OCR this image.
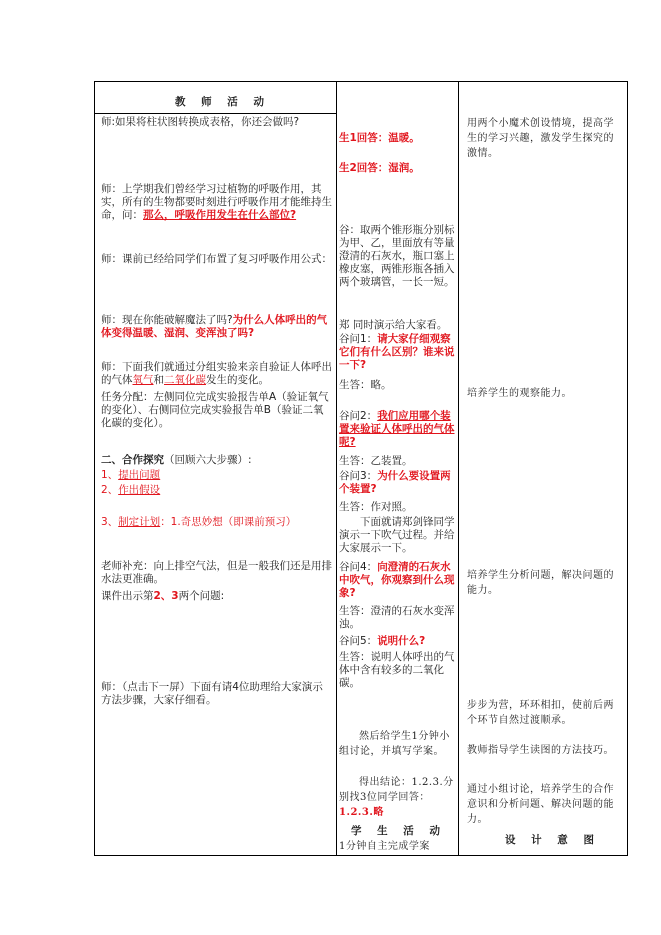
教 师 活 动

师:如果将柱状图转换成表格，你还会做吗?

师：上学期我们曾经学习过植物的呼吸作用，其实，所有的生物都要时刻进行呼吸作用才能维持生命，问：那么，呼吸作用发生在什么部位?

师：课前已经给同学们布置了复习呼吸作用公式：

师：现在你能破解魔法了吗?为什么人体呼出的气体变得温暖、湿润、变浑浊了吗?

师：下面我们就通过分组实验来亲自验证人体呼出的气体氧气和二氧化碳发生的变化。

任务分配：左侧同位完成实验报告单A（验证氧气的变化）、右侧同位完成实验报告单B（验证二氧化碳的变化）。

二、合作探究（回顾六大步骤）:

1、提出问题

2、作出假设

3、制定计划：1.奇思妙想（即课前预习）

老师补充：向上排空气法，但是一般我们还是用排水法更准确。

课件出示第2、3两个问题:

师：（点击下一屏）下面有请4位助理给大家演示方法步骤，大家仔细看。

生1回答：温暖。

生2回答：湿润。

谷：取两个锥形瓶分别标为甲、乙，里面放有等量澄清的石灰水，瓶口塞上橡皮塞，两锥形瓶各插入两个玻璃管，一长一短。

郑 同时演示给大家看。

谷问1：请大家仔细观察它们有什么区别？谁来说一下?

生答：略。

谷问2：我们应用哪个装置来验证人体呼出的气体呢?

生答：乙装置。

谷问3：为什么要设置两个装置?

生答：作对照。

下面就请郑剑锋同学演示一下吹气过程。并给大家展示一下。

谷问4：向澄清的石灰水中吹气，你观察到什么现象?

生答：澄清的石灰水变浑浊。

谷问5：说明什么?

生答：说明人体呼出的气体中含有较多的二氧化碳。

然后给学生1分钟小组讨论，并填写学案。

得出结论：1.2.3.分别找3位同学回答：1.2.3.略

学 生 活 动

1分钟自主完成学案

用两个小魔术创设情境，提高学生的学习兴趣，激发学生探究的激情。

培养学生的观察能力。

培养学生分析问题，解决问题的能力。

步步为营，环环相扣，使前后两个环节自然过渡顺承。

教师指导学生读图的方法技巧。

通过小组讨论，培养学生的合作意识和分析问题、解决问题的能力。

设 计 意 图
